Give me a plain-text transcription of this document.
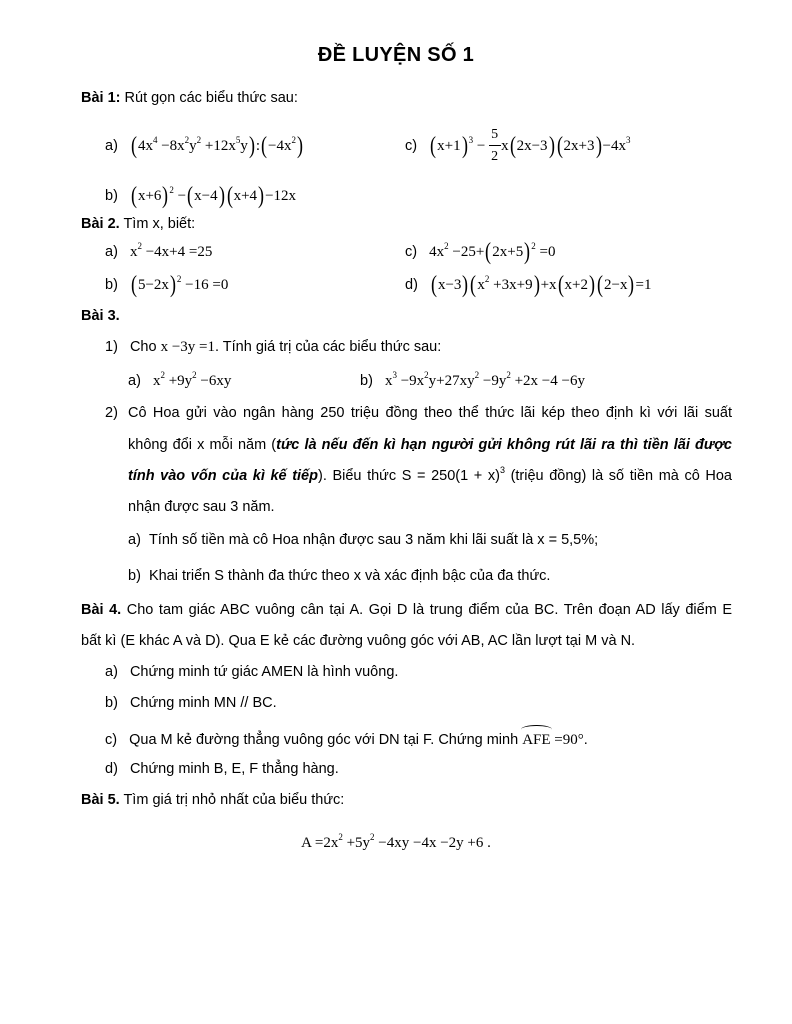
ĐỀ LUYỆN SỐ 1
Bài 1: Rút gọn các biểu thức sau:
a) ($4x^4 -8x^2y^2$ $+12x^5y):(-4x^2)$	c) $(x+1)^3 - \frac{5}{2} x(2x-3)(2x+3)-4x^3$
b) $(x+6)^2 -(x-4)(x+4)-12x$
Bài 2. Tìm x, biết:
a) $x^2 -4x+4 =25$	c) $4x^2 -25+(2x+5)^2 =0$
b) $(5-2x)^2 -16 =0$	d) $(x-3)(x^2 +3x+9)+x(x+2)(2-x)=1$
Bài 3.
1) Cho x −3y =1. Tính giá trị của các biểu thức sau:
a) $x^2 +9y^2 -6xy$	b) $x^3 -9x^2y+27xy^2 -9y^2 +2x -4 -6y$
2) Cô Hoa gửi vào ngân hàng 250 triệu đồng theo thể thức lãi kép theo định kì với lãi suất
không đổi x mỗi năm (tức là nếu đến kì hạn người gửi không rút lãi ra thì tiền lãi được
tính vào vốn của kì kế tiếp). Biểu thức $S = 250(1 + x)^3$ (triệu đồng) là số tiền mà cô Hoa
nhận được sau 3 năm.
a) Tính số tiền mà cô Hoa nhận được sau 3 năm khi lãi suất là x = 5,5%;
b) Khai triển S thành đa thức theo x và xác định bậc của đa thức.
Bài 4. Cho tam giác ABC vuông cân tại A. Gọi D là trung điểm của BC. Trên đoạn AD lấy điểm E
bất kì (E khác A và D). Qua E kẻ các đường vuông góc với AB, AC lần lượt tại M và N.
a) Chứng minh tứ giác AMEN là hình vuông.
b) Chứng minh MN // BC.
c) Qua M kẻ đường thẳng vuông góc với DN tại F. Chứng minh AFE =90°.
d) Chứng minh B, E, F thẳng hàng.
Bài 5. Tìm giá trị nhỏ nhất của biểu thức:
$A =2x^2 +5y^2 -4xy -4x -2y +6$ .
